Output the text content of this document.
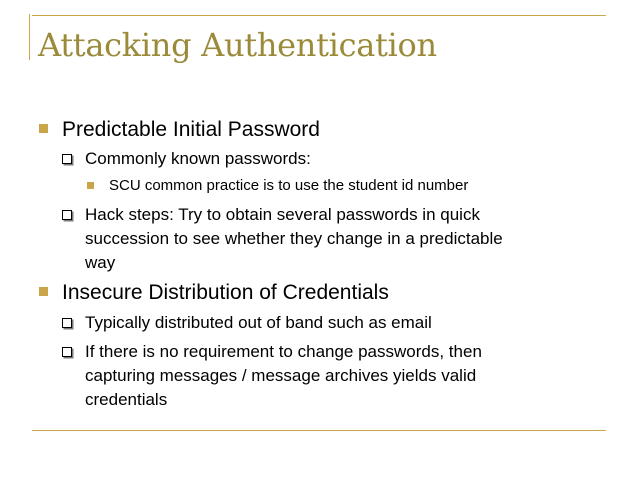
Attacking Authentication
Predictable Initial Password
Commonly known passwords:
SCU common practice is to use the student id number
Hack steps: Try to obtain several passwords in quick
succession to see whether they change in a predictable
way
Insecure Distribution of Credentials
Typically distributed out of band such as email
If there is no requirement to change passwords, then
capturing messages / message archives yields valid
credentials
